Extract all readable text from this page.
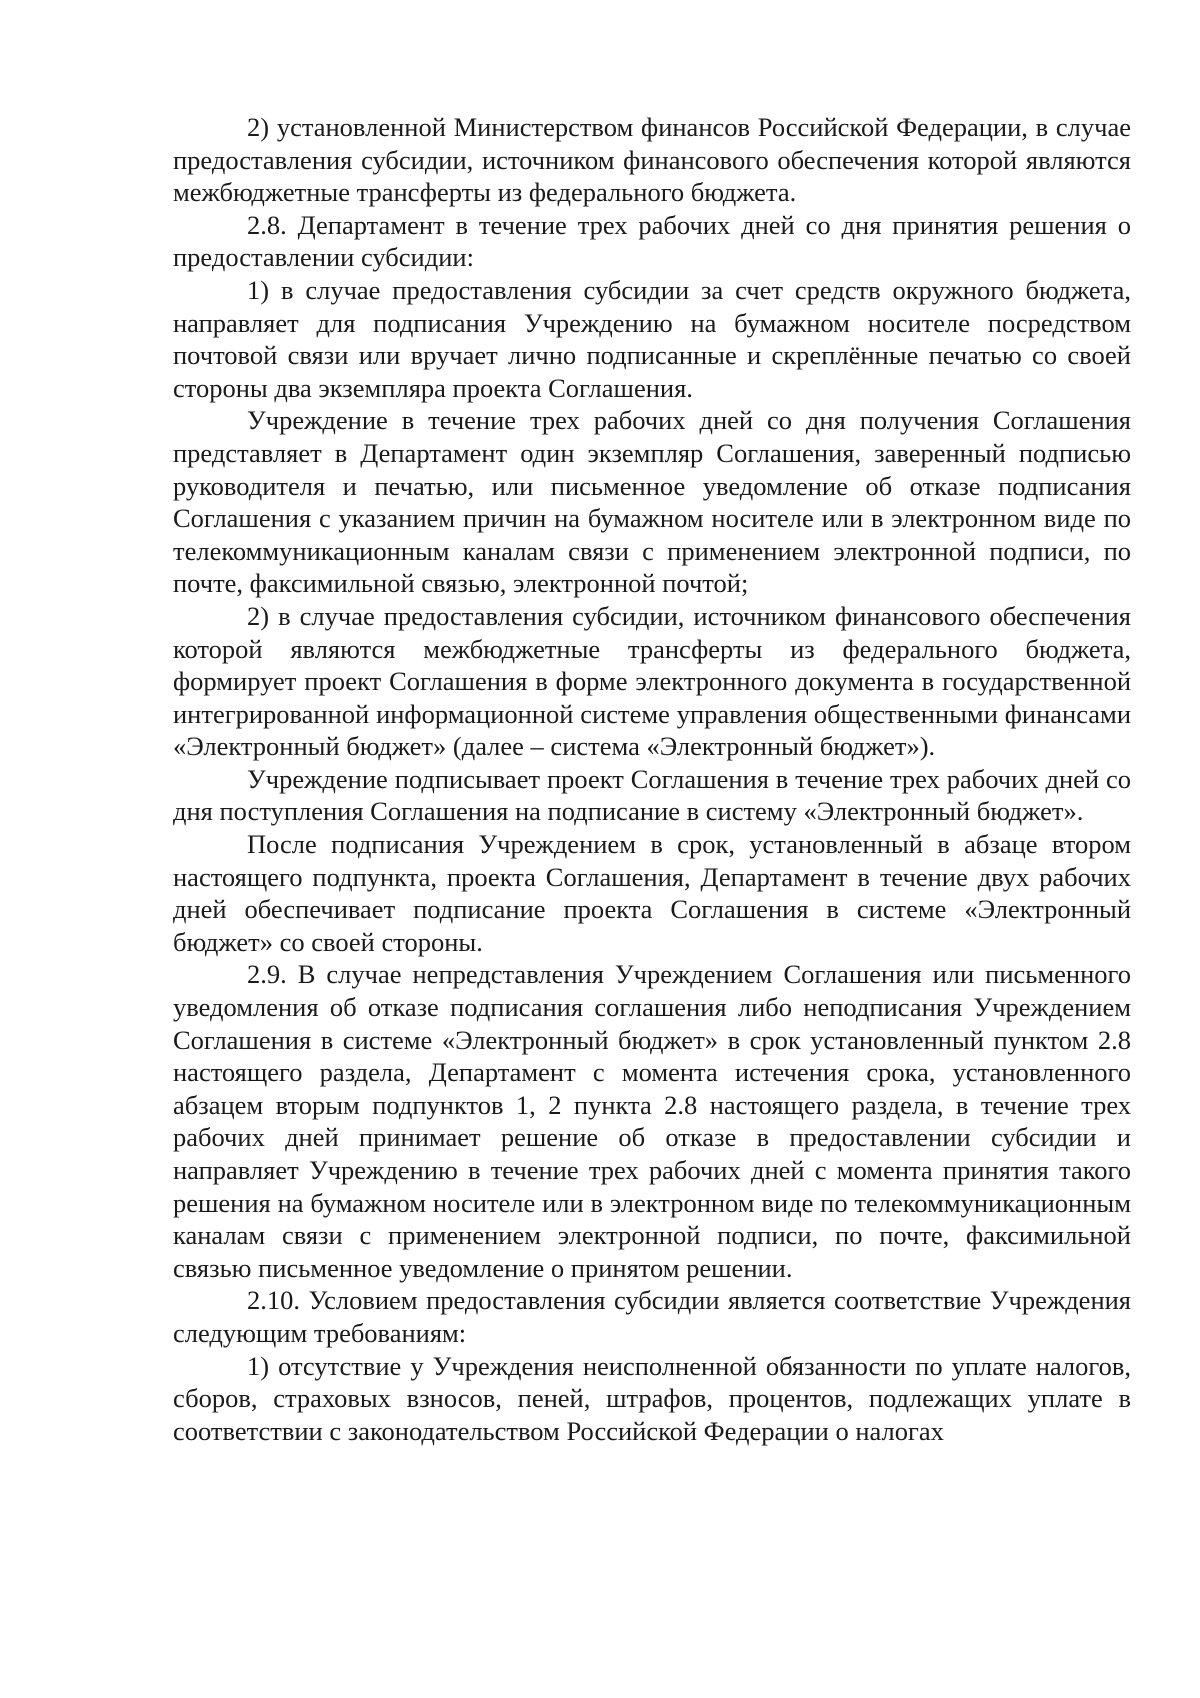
2) установленной Министерством финансов Российской Федерации, в случае предоставления субсидии, источником финансового обеспечения которой являются межбюджетные трансферты из федерального бюджета.

2.8. Департамент в течение трех рабочих дней со дня принятия решения о предоставлении субсидии:

1) в случае предоставления субсидии за счет средств окружного бюджета, направляет для подписания Учреждению на бумажном носителе посредством почтовой связи или вручает лично подписанные и скреплённые печатью со своей стороны два экземпляра проекта Соглашения.

Учреждение в течение трех рабочих дней со дня получения Соглашения представляет в Департамент один экземпляр Соглашения, заверенный подписью руководителя и печатью, или письменное уведомление об отказе подписания Соглашения с указанием причин на бумажном носителе или в электронном виде по телекоммуникационным каналам связи с применением электронной подписи, по почте, факсимильной связью, электронной почтой;

2) в случае предоставления субсидии, источником финансового обеспечения которой являются межбюджетные трансферты из федерального бюджета, формирует проект Соглашения в форме электронного документа в государственной интегрированной информационной системе управления общественными финансами «Электронный бюджет» (далее – система «Электронный бюджет»).

Учреждение подписывает проект Соглашения в течение трех рабочих дней со дня поступления Соглашения на подписание в систему «Электронный бюджет».

После подписания Учреждением в срок, установленный в абзаце втором настоящего подпункта, проекта Соглашения, Департамент в течение двух рабочих дней обеспечивает подписание проекта Соглашения в системе «Электронный бюджет» со своей стороны.

2.9. В случае непредставления Учреждением Соглашения или письменного уведомления об отказе подписания соглашения либо неподписания Учреждением Соглашения в системе «Электронный бюджет» в срок установленный пунктом 2.8 настоящего раздела, Департамент с момента истечения срока, установленного абзацем вторым подпунктов 1, 2 пункта 2.8 настоящего раздела, в течение трех рабочих дней принимает решение об отказе в предоставлении субсидии и направляет Учреждению в течение трех рабочих дней с момента принятия такого решения на бумажном носителе или в электронном виде по телекоммуникационным каналам связи с применением электронной подписи, по почте, факсимильной связью письменное уведомление о принятом решении.

2.10. Условием предоставления субсидии является соответствие Учреждения следующим требованиям:

1) отсутствие у Учреждения неисполненной обязанности по уплате налогов, сборов, страховых взносов, пеней, штрафов, процентов, подлежащих уплате в соответствии с законодательством Российской Федерации о налогах
